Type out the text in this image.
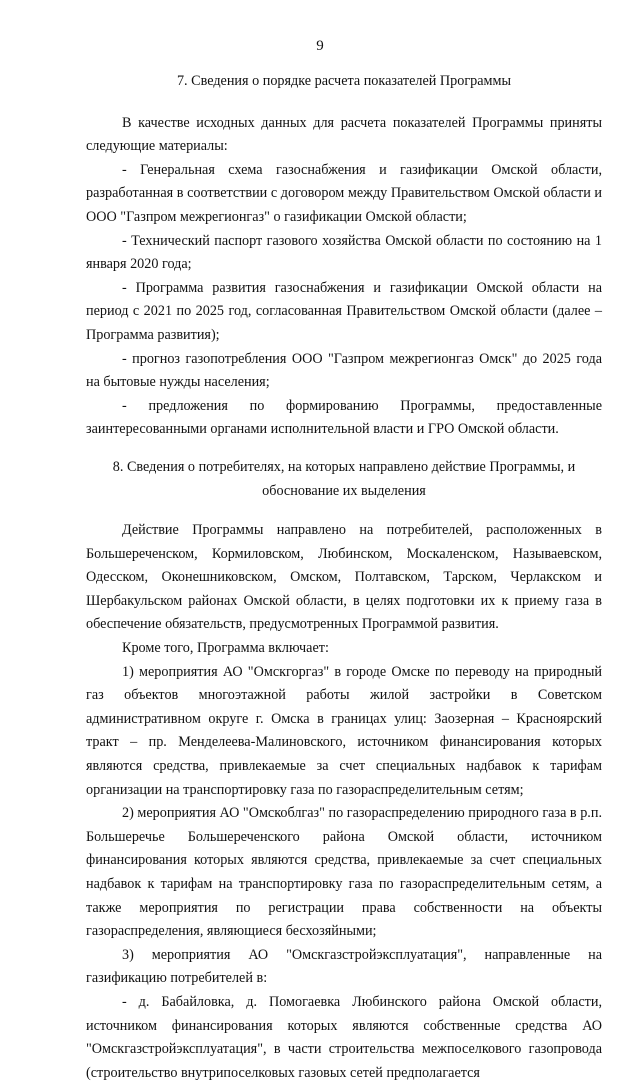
9
7. Сведения о порядке расчета показателей Программы

В качестве исходных данных для расчета показателей Программы приняты следующие материалы:

- Генеральная схема газоснабжения и газификации Омской области, разработанная в соответствии с договором между Правительством Омской области и ООО "Газпром межрегионгаз" о газификации Омской области;

- Технический паспорт газового хозяйства Омской области по состоянию на 1 января 2020 года;

- Программа развития газоснабжения и газификации Омской области на период с 2021 по 2025 год, согласованная Правительством Омской области (далее – Программа развития);

- прогноз газопотребления ООО "Газпром межрегионгаз Омск" до 2025 года на бытовые нужды населения;

- предложения по формированию Программы, предоставленные заинтересованными органами исполнительной власти и ГРО Омской области.

8. Сведения о потребителях, на которых направлено действие Программы, и
обоснование их выделения

Действие Программы направлено на потребителей, расположенных в Большереченском, Кормиловском, Любинском, Москаленском, Называевском, Одесском, Оконешниковском, Омском, Полтавском, Тарском, Черлакском и Шербакульском районах Омской области, в целях подготовки их к приему газа в обеспечение обязательств, предусмотренных Программой развития.

Кроме того, Программа включает:

1) мероприятия АО "Омскгоргаз" в городе Омске по переводу на природный газ объектов многоэтажной работы жилой застройки в Советском административном округе г. Омска в границах улиц: Заозерная – Красноярский тракт – пр. Менделеева-Малиновского, источником финансирования которых являются средства, привлекаемые за счет специальных надбавок к тарифам организации на транспортировку газа по газораспределительным сетям;

2) мероприятия АО "Омскоблгаз" по газораспределению природного газа в р.п. Большеречье Большереченского района Омской области, источником финансирования которых являются средства, привлекаемые за счет специальных надбавок к тарифам на транспортировку газа по газораспределительным сетям, а также мероприятия по регистрации права собственности на объекты газораспределения, являющиеся бесхозяйными;

3) мероприятия АО "Омскгазстройэксплуатация", направленные на газификацию потребителей в:

- д. Бабайловка, д. Помогаевка Любинского района Омской области, источником финансирования которых являются собственные средства АО "Омскгазстройэксплуатация", в части строительства межпоселкового газопровода (строительство внутрипоселковых газовых сетей предполагается
